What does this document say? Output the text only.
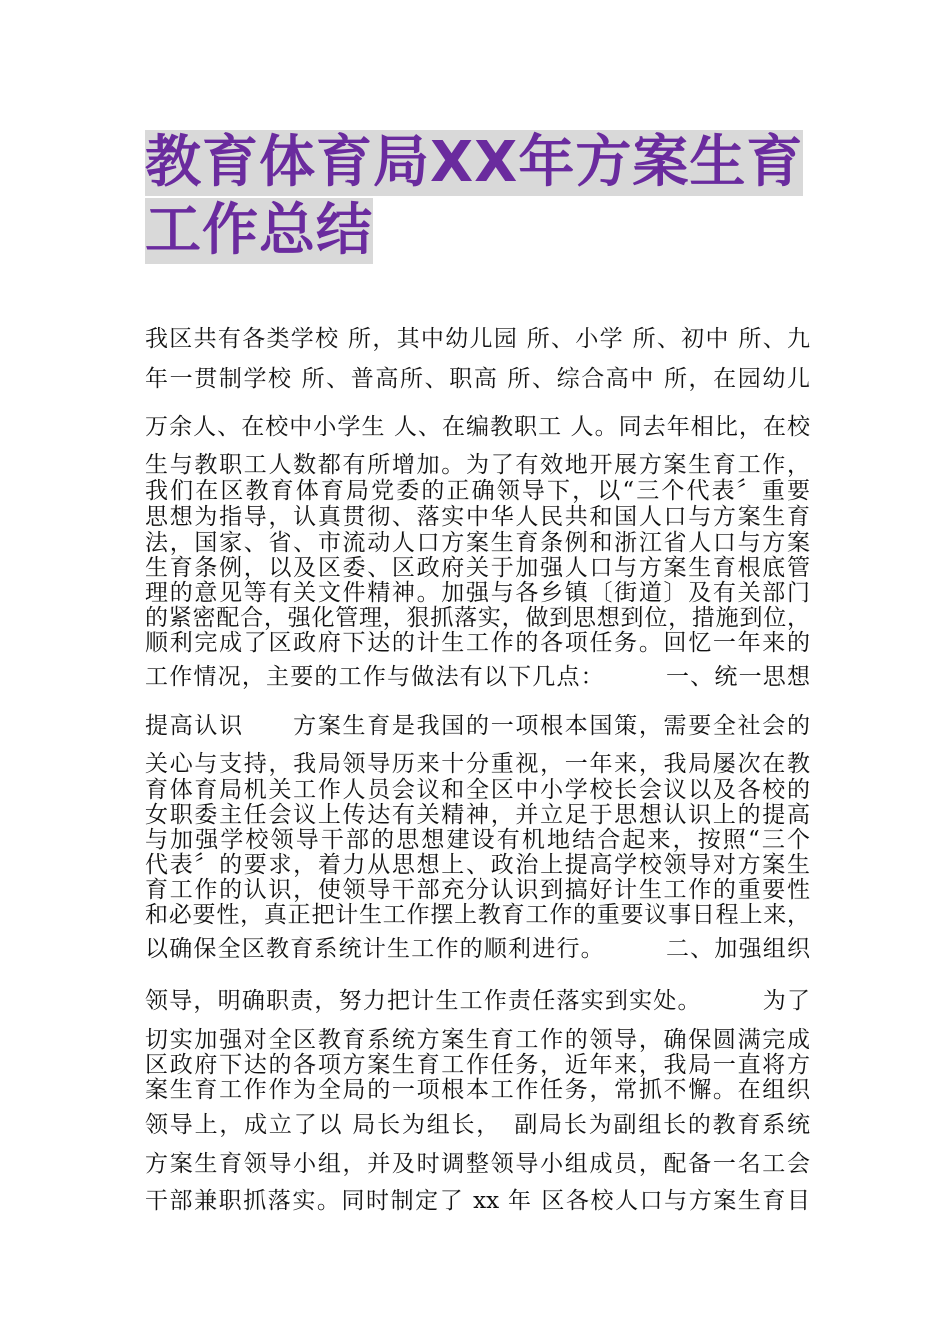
教育体育局XX年方案生育
工作总结
我区共有各类学校 所，其中幼儿园 所、小学 所、初中 所、九
年一贯制学校 所、普高所、职高 所、综合高中 所，在园幼儿
万余人、在校中小学生 人、在编教职工 人。同去年相比，在校
生与教职工人数都有所增加。为了有效地开展方案生育工作，
我们在区教育体育局党委的正确领导下，以“三个代表〞重要
思想为指导，认真贯彻、落实中华人民共和国人口与方案生育
法，国家、省、市流动人口方案生育条例和浙江省人口与方案
生育条例，以及区委、区政府关于加强人口与方案生育根底管
理的意见等有关文件精神。加强与各乡镇〔街道〕及有关部门
的紧密配合，强化管理，狠抓落实，做到思想到位，措施到位，
顺利完成了区政府下达的计生工作的各项任务。回忆一年来的
工作情况，主要的工作与做法有以下几点：　　　一、统一思想
提高认识　　方案生育是我国的一项根本国策，需要全社会的
关心与支持，我局领导历来十分重视，一年来，我局屡次在教
育体育局机关工作人员会议和全区中小学校长会议以及各校的
女职委主任会议上传达有关精神，并立足于思想认识上的提高
与加强学校领导干部的思想建设有机地结合起来，按照“三个
代表〞的要求，着力从思想上、政治上提高学校领导对方案生
育工作的认识，使领导干部充分认识到搞好计生工作的重要性
和必要性，真正把计生工作摆上教育工作的重要议事日程上来，
以确保全区教育系统计生工作的顺利进行。　　　二、加强组织
领导，明确职责，努力把计生工作责任落实到实处。　　　为了
切实加强对全区教育系统方案生育工作的领导，确保圆满完成
区政府下达的各项方案生育工作任务，近年来，我局一直将方
案生育工作作为全局的一项根本工作任务，常抓不懈。在组织
领导上，成立了以 局长为组长，　副局长为副组长的教育系统
方案生育领导小组，并及时调整领导小组成员，配备一名工会
干部兼职抓落实。同时制定了 xx 年 区各校人口与方案生育目
